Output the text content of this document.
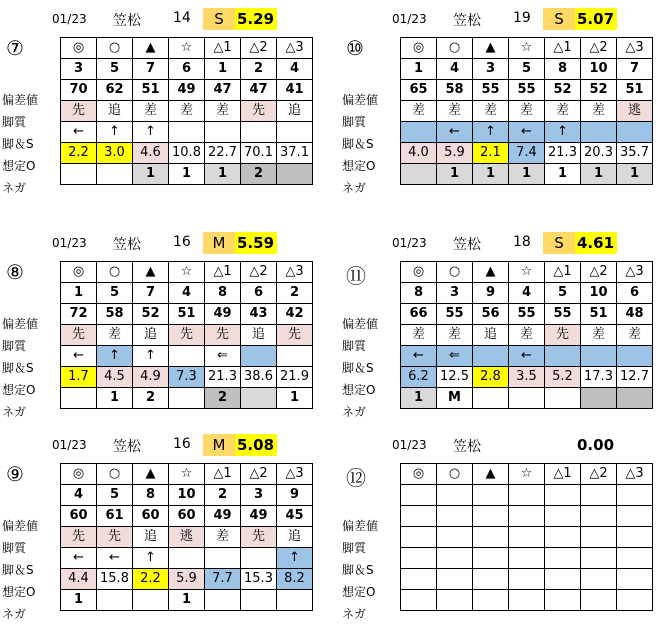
01/23 笠松 14	S 5.29
⑦
偏差値
脚質
脚＆S
想定O
ネガ
◎	○	▲	☆	△1	△2	△3
3	5	7	6	1	2	4
70	62	51	49	47	47	41
先	追	差	差	差	先	追
←	↑	↑				
2.2	3.0	4.6	10.8	22.7	70.1	37.1
		1	1	1	2	
01/23 笠松 19	S 5.07
⑩
偏差値
脚質
脚＆S
想定O
ネガ
◎	○	▲	☆	△1	△2	△3
1	4	3	5	8	10	7
65	58	55	55	52	52	51
差	差	差	差	差	差	逃
	←	↑	←	↑		
4.0	5.9	2.1	7.4	21.3	20.3	35.7
	1	1	1	1	1	1
01/23 笠松 16	M 5.59
⑧
偏差値
脚質
脚＆S
想定O
ネガ
◎	○	▲	☆	△1	△2	△3
1	5	7	4	8	6	2
72	58	52	51	49	43	42
先	差	追	先	先	追	先
←	↑	↑		⇐		
1.7	4.5	4.9	7.3	21.3	38.6	21.9
	1	2		2		1
01/23 笠松 18	S 4.61
⑪
偏差値
脚質
脚＆S
想定O
ネガ
◎	○	▲	☆	△1	△2	△3
8	3	9	4	5	10	6
66	55	56	55	55	51	48
差	差	追	差	先	差	差
←	⇐		←			
6.2	12.5	2.8	3.5	5.2	17.3	12.7
1	M					
01/23 笠松 16	M 5.08
⑨
偏差値
脚質
脚＆S
想定O
ネガ
◎	○	▲	☆	△1	△2	△3
4	5	8	10	2	3	9
60	61	60	60	49	49	45
先	先	追	逃	差	先	追
←	←	↑				↑
4.4	15.8	2.2	5.9	7.7	15.3	8.2
1			1			
01/23 笠松	0.00
⑫
偏差値
脚質
脚＆S
想定O
ネガ
◎	○	▲	☆	△1	△2	△3
